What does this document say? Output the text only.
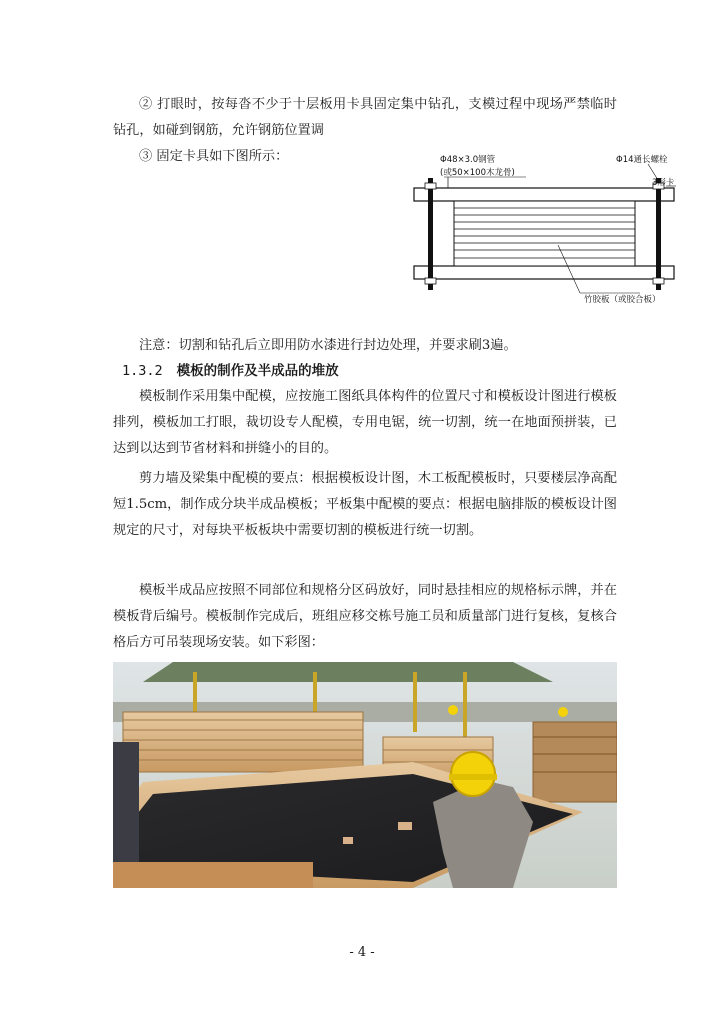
② 打眼时，按每沓不少于十层板用卡具固定集中钻孔，支模过程中现场严禁临时钻孔，如碰到钢筋，允许钢筋位置调

③ 固定卡具如下图所示：	Φ48×3.0钢管
(或50×100木龙骨)
Φ14通长螺栓
3形卡
竹胶板（或胶合板）

注意：切割和钻孔后立即用防水漆进行封边处理，并要求刷3遍。

1.3.2 模板的制作及半成品的堆放

模板制作采用集中配模，应按施工图纸具体构件的位置尺寸和模板设计图进行模板排列，模板加工打眼，裁切设专人配模，专用电锯，统一切割，统一在地面预拼装，已达到以达到节省材料和拼缝小的目的。

剪力墙及梁集中配模的要点：根据模板设计图，木工板配模板时，只要楼层净高配短1.5cm，制作成分块半成品模板；平板集中配模的要点：根据电脑排版的模板设计图规定的尺寸，对每块平板板块中需要切割的模板进行统一切割。

模板半成品应按照不同部位和规格分区码放好，同时悬挂相应的规格标示牌，并在模板背后编号。模板制作完成后，班组应移交栋号施工员和质量部门进行复核，复核合格后方可吊装现场安装。如下彩图：

- 4 -
